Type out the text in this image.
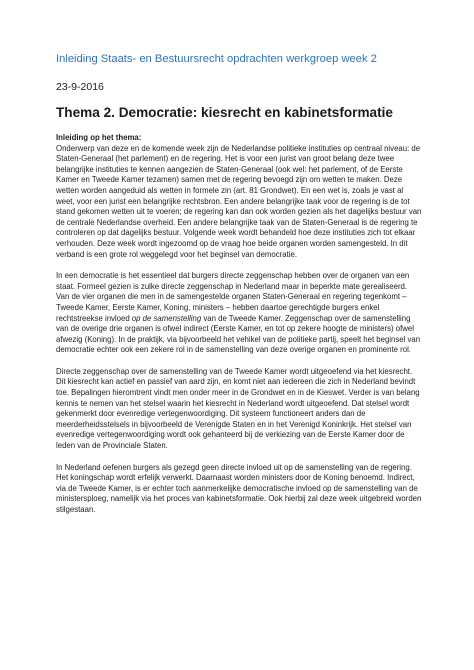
Inleiding Staats- en Bestuursrecht opdrachten werkgroep week 2

23-9-2016

Thema 2. Democratie: kiesrecht en kabinetsformatie

Inleiding op het thema:

Onderwerp van deze en de komende week zijn de Nederlandse politieke instituties op centraal niveau: de Staten-Generaal (het parlement) en de regering. Het is voor een jurist van groot belang deze twee belangrijke instituties te kennen aangezien de Staten-Generaal (ook wel: het parlement, of de Eerste Kamer en Tweede Kamer tezamen) samen met de regering bevoegd zijn om wetten te maken. Deze wetten worden aangeduid als wetten in formele zin (art. 81 Grondwet). En een wet is, zoals je vast al weet, voor een jurist een belangrijke rechtsbron. Een andere belangrijke taak voor de regering is de tot stand gekomen wetten uit te voeren; de regering kan dan ook worden gezien als het dagelijks bestuur van de centrale Nederlandse overheid. Een andere belangrijke taak van de Staten-Generaal is de regering te controleren op dat dagelijks bestuur. Volgende week wordt behandeld hoe deze instituties zich tot elkaar verhouden. Deze week wordt ingezoomd op de vraag hoe beide organen worden samengesteld. In dit verband is een grote rol weggelegd voor het beginsel van democratie.

In een democratie is het essentieel dat burgers directe zeggenschap hebben over de organen van een staat. Formeel gezien is zulke directe zeggenschap in Nederland maar in beperkte mate gerealiseerd. Van de vier organen die men in de samengestelde organen Staten-Generaal en regering tegenkomt – Tweede Kamer, Eerste Kamer, Koning, ministers – hebben daartoe gerechtigde burgers enkel rechtstreekse invloed op de samenstelling van de Tweede Kamer. Zeggenschap over de samenstelling van de overige drie organen is ofwel indirect (Eerste Kamer, en tot op zekere hoogte de ministers) ofwel afwezig (Koning). In de praktijk, via bijvoorbeeld het vehikel van de politieke partij, speelt het beginsel van democratie echter ook een zekere rol in de samenstelling van deze overige organen en prominente rol.

Directe zeggenschap over de samenstelling van de Tweede Kamer wordt uitgeoefend via het kiesrecht. Dit kiesrecht kan actief en passief van aard zijn, en komt niet aan iedereen die zich in Nederland bevindt toe. Bepalingen hieromtrent vindt men onder meer in de Grondwet en in de Kieswet. Verder is van belang kennis te nemen van het stelsel waarin het kiesrecht in Nederland wordt uitgeoefend. Dat stelsel wordt gekenmerkt door evenredige vertegenwoordiging. Dit systeem functioneert anders dan de meerderheidsstelsels in bijvoorbeeld de Verenigde Staten en in het Verenigd Koninkrijk. Het stelsel van evenredige vertegenwoordiging wordt ook gehanteerd bij de verkiezing van de Eerste Kamer door de leden van de Provinciale Staten.

In Nederland oefenen burgers als gezegd geen directe invloed uit op de samenstelling van de regering. Het koningschap wordt erfelijk verwerkt. Daarnaast worden ministers door de Koning benoemd. Indirect, via de Tweede Kamer, is er echter toch aanmerkelijke democratische invloed op de samenstelling van de ministersploeg, namelijk via het proces van kabinetsformatie. Ook hierbij zal deze week uitgebreid worden stilgestaan.
